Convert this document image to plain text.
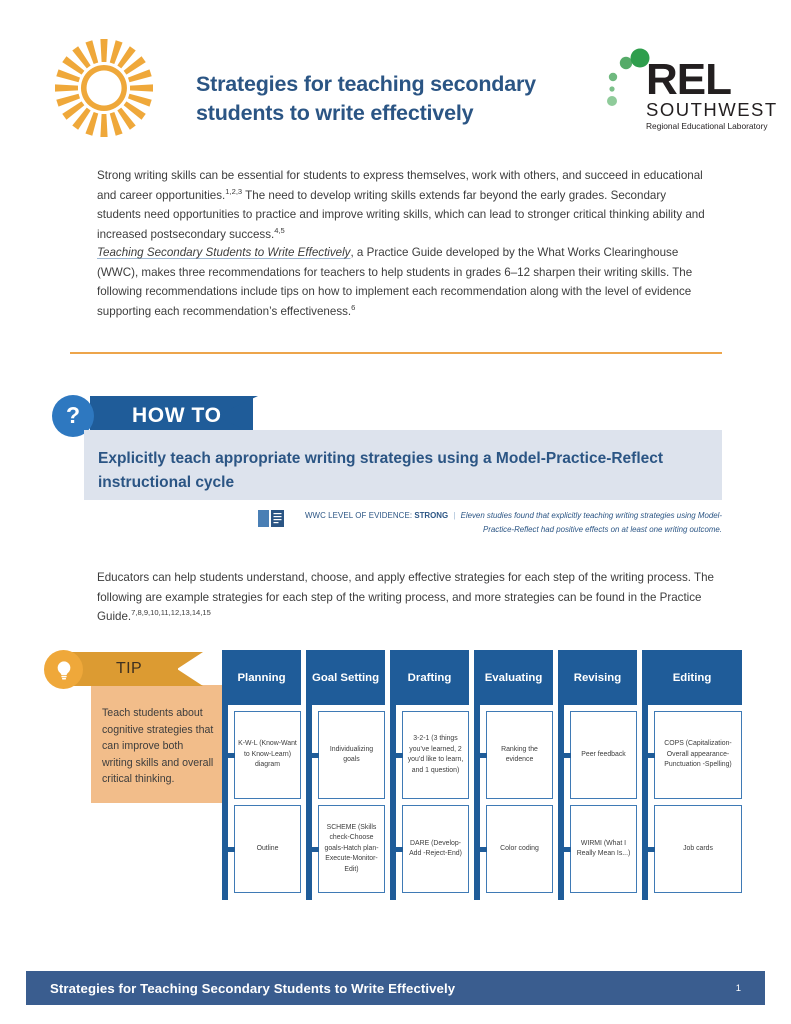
Strategies for teaching secondary students to write effectively
REL
SOUTHWEST
Regional Educational Laboratory

Strong writing skills can be essential for students to express themselves, work with others, and succeed in educational and career opportunities.$^{1,2,3}$ The need to develop writing skills extends far beyond the early grades. Secondary students need opportunities to practice and improve writing skills, which can lead to stronger critical thinking ability and increased postsecondary success.$^{4,5}$

Teaching Secondary Students to Write Effectively, a Practice Guide developed by the What Works Clearinghouse (WWC), makes three recommendations for teachers to help students in grades 6–12 sharpen their writing skills. The following recommendations include tips on how to implement each recommendation along with the level of evidence supporting each recommendation’s effectiveness.$^6$

? HOW TO
Explicitly teach appropriate writing strategies using a Model-Practice-Reflect instructional cycle
WWC LEVEL OF EVIDENCE: STRONG | Eleven studies found that explicitly teaching writing strategies using Model-Practice-Reflect had positive effects on at least one writing outcome.

Educators can help students understand, choose, and apply effective strategies for each step of the writing process. The following are example strategies for each step of the writing process, and more strategies can be found in the Practice Guide.$^{7,8,9,10,11,12,13,14,15}$

TIP
Teach students about cognitive strategies that can improve both writing skills and overall critical thinking.
Planning
K-W-L (Know-Want to Know-Learn) diagram
Outline
Goal Setting
Individualizing goals
SCHEME (Skills check-Choose goals-Hatch plan-Execute-Monitor-Edit)
Drafting
3-2-1 (3 things you’ve learned, 2 you’d like to learn, and 1 question)
DARE (Develop-Add -Reject-End)
Evaluating
Ranking the evidence
Color coding
Revising
Peer feedback
WIRMI (What I Really Mean Is...)
Editing
COPS (Capitalization-Overall appearance-Punctuation -Spelling)
Job cards
Strategies for Teaching Secondary Students to Write Effectively	1
